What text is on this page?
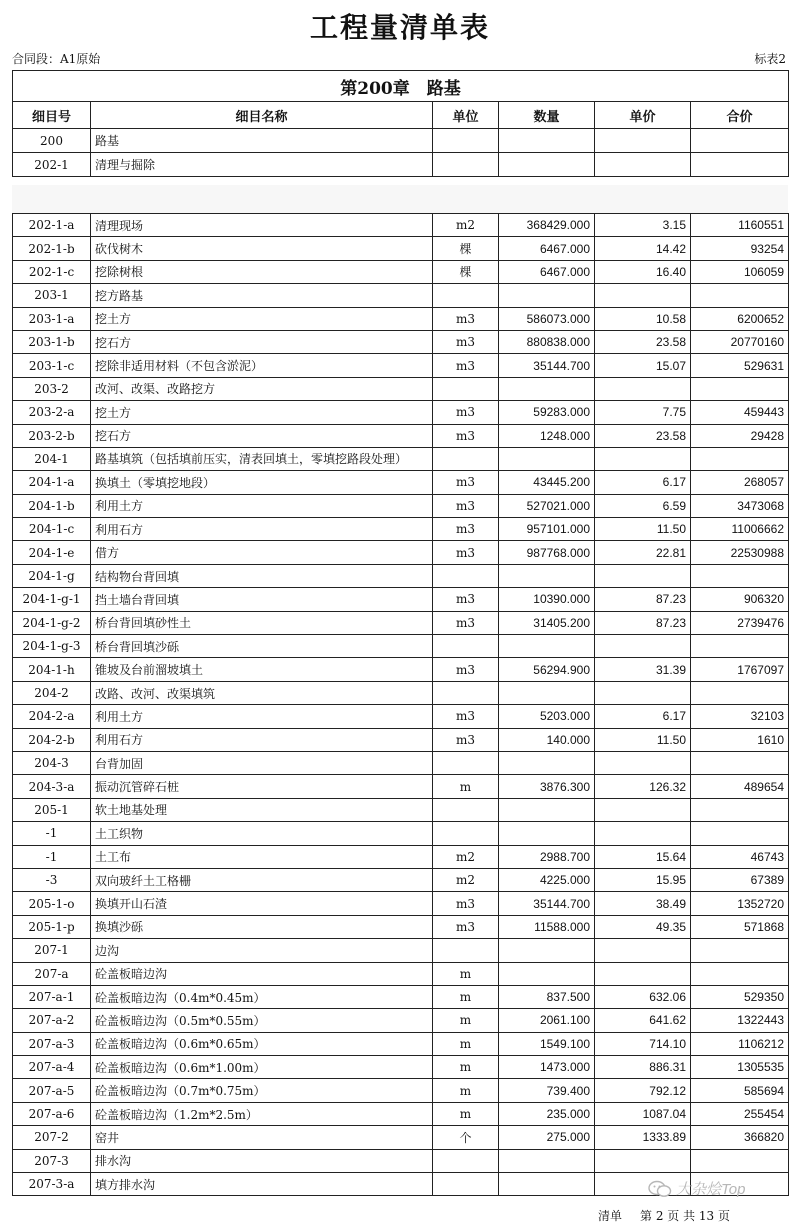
工程量清单表
合同段：A1原始	标表2
第200章　路基					
细目号	细目名称	单位	数量	单价	合价
200	路基				
202-1	清理与掘除				
202-1-a	清理现场	m2	368429.000	3.15	1160551
202-1-b	砍伐树木	棵	6467.000	14.42	93254
202-1-c	挖除树根	棵	6467.000	16.40	106059
203-1	挖方路基				
203-1-a	挖土方	m3	586073.000	10.58	6200652
203-1-b	挖石方	m3	880838.000	23.58	20770160
203-1-c	挖除非适用材料（不包含淤泥）	m3	35144.700	15.07	529631
203-2	改河、改渠、改路挖方				
203-2-a	挖土方	m3	59283.000	7.75	459443
203-2-b	挖石方	m3	1248.000	23.58	29428
204-1	路基填筑（包括填前压实，清表回填土，零填挖路段处理）				
204-1-a	换填土（零填挖地段）	m3	43445.200	6.17	268057
204-1-b	利用土方	m3	527021.000	6.59	3473068
204-1-c	利用石方	m3	957101.000	11.50	11006662
204-1-e	借方	m3	987768.000	22.81	22530988
204-1-g	结构物台背回填				
204-1-g-1	挡土墙台背回填	m3	10390.000	87.23	906320
204-1-g-2	桥台背回填砂性土	m3	31405.200	87.23	2739476
204-1-g-3	桥台背回填沙砾				
204-1-h	锥坡及台前溜坡填土	m3	56294.900	31.39	1767097
204-2	改路、改河、改渠填筑				
204-2-a	利用土方	m3	5203.000	6.17	32103
204-2-b	利用石方	m3	140.000	11.50	1610
204-3	台背加固				
204-3-a	振动沉管碎石桩	m	3876.300	126.32	489654
205-1	软土地基处理				
-1	土工织物				
-1	土工布	m2	2988.700	15.64	46743
-3	双向玻纤土工格栅	m2	4225.000	15.95	67389
205-1-o	换填开山石渣	m3	35144.700	38.49	1352720
205-1-p	换填沙砾	m3	11588.000	49.35	571868
207-1	边沟				
207-a	砼盖板暗边沟	m			
207-a-1	砼盖板暗边沟（0.4m*0.45m）	m	837.500	632.06	529350
207-a-2	砼盖板暗边沟（0.5m*0.55m）	m	2061.100	641.62	1322443
207-a-3	砼盖板暗边沟（0.6m*0.65m）	m	1549.100	714.10	1106212
207-a-4	砼盖板暗边沟（0.6m*1.00m）	m	1473.000	886.31	1305535
207-a-5	砼盖板暗边沟（0.7m*0.75m）	m	739.400	792.12	585694
207-a-6	砼盖板暗边沟（1.2m*2.5m）	m	235.000	1087.04	255454
207-2	窑井	个	275.000	1333.89	366820
207-3	排水沟				
207-3-a	填方排水沟				
清单 第 2 页 共 13 页
大杂烩Top
